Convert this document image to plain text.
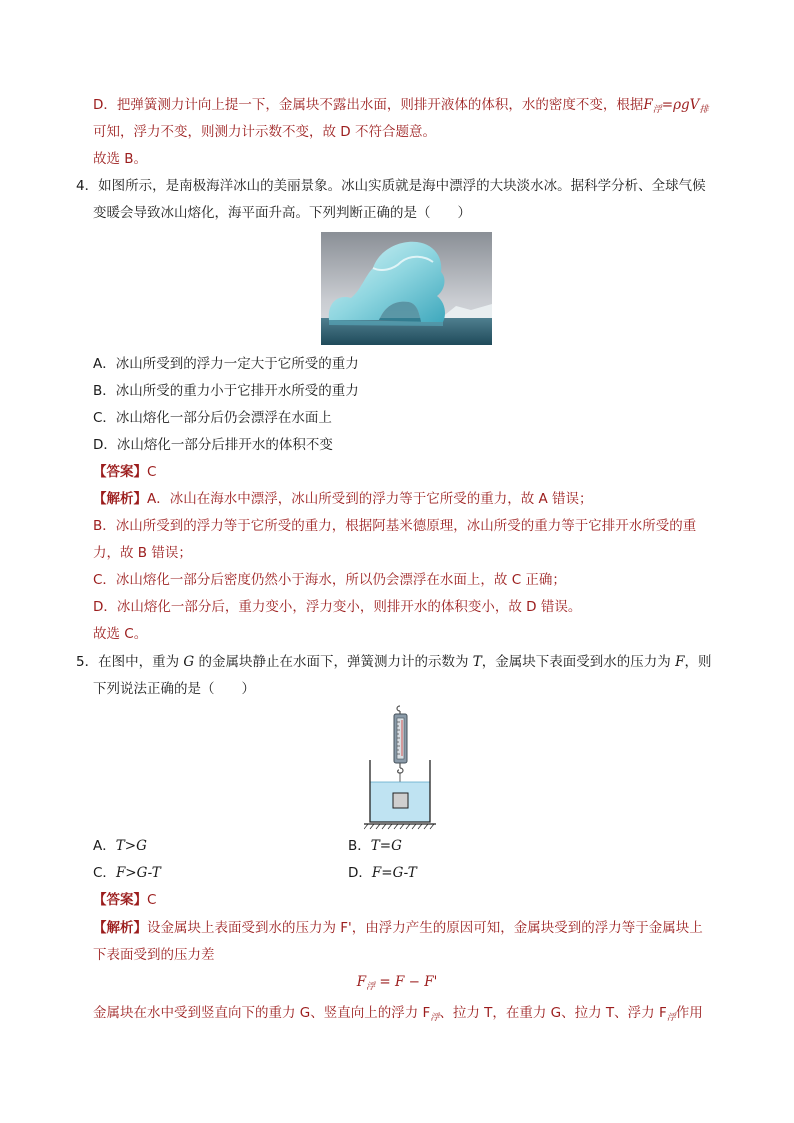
D．把弹簧测力计向上提一下，金属块不露出水面，则排开液体的体积，水的密度不变，根据$F_浮=\rho gV_排$
可知，浮力不变，则测力计示数不变，故 D 不符合题意。
故选 B。
4．如图所示，是南极海洋冰山的美丽景象。冰山实质就是海中漂浮的大块淡水冰。据科学分析、全球气候
变暖会导致冰山熔化，海平面升高。下列判断正确的是（　　）
A．冰山所受到的浮力一定大于它所受的重力
B．冰山所受的重力小于它排开水所受的重力
C．冰山熔化一部分后仍会漂浮在水面上
D．冰山熔化一部分后排开水的体积不变
【答案】C
【解析】A．冰山在海水中漂浮，冰山所受到的浮力等于它所受的重力，故 A 错误；
B．冰山所受到的浮力等于它所受的重力，根据阿基米德原理，冰山所受的重力等于它排开水所受的重
力，故 B 错误；
C．冰山熔化一部分后密度仍然小于海水，所以仍会漂浮在水面上，故 C 正确；
D．冰山熔化一部分后，重力变小，浮力变小，则排开水的体积变小，故 D 错误。
故选 C。
5．在图中，重为 G 的金属块静止在水面下，弹簧测力计的示数为 T，金属块下表面受到水的压力为 F，则
下列说法正确的是（　　）
A．T>G	B．T=G
C．F>G-T	D．F=G-T
【答案】C
【解析】设金属块上表面受到水的压力为 F'，由浮力产生的原因可知，金属块受到的浮力等于金属块上
下表面受到的压力差
$F_浮 = F - F'$
金属块在水中受到竖直向下的重力 G、竖直向上的浮力 $F_浮$、拉力 T，在重力 G、拉力 T、浮力 $F_浮$作用
